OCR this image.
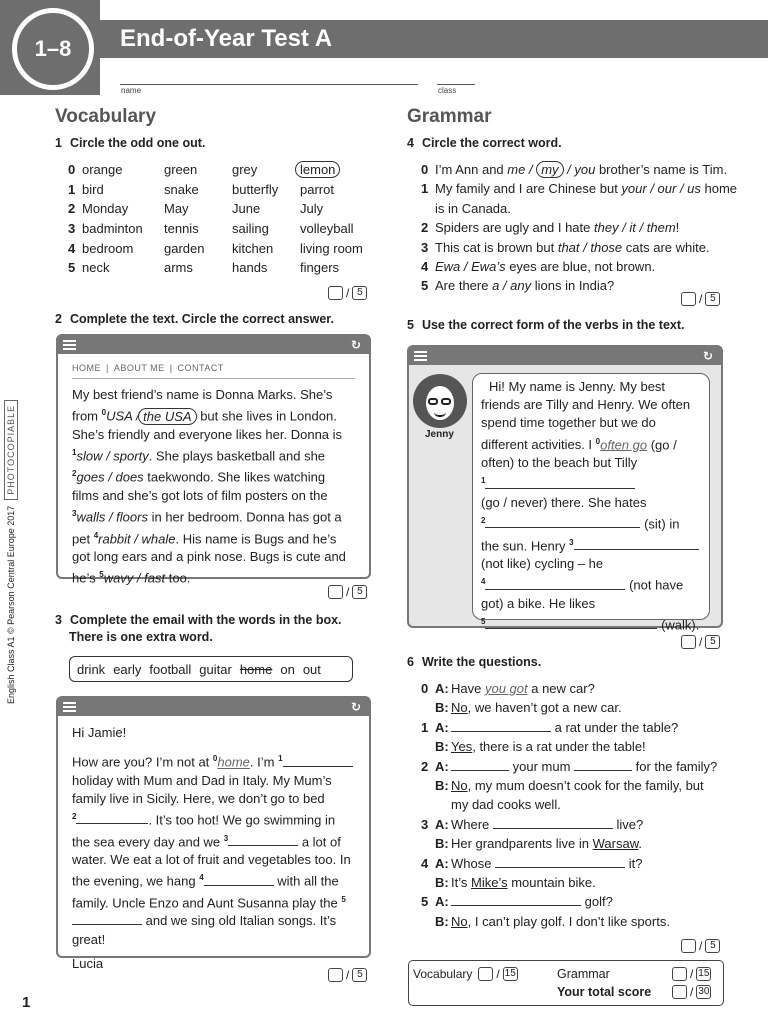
1–8	End-of-Year Test A
name	class
English Class A1 © Pearson Central Europe 2017
PHOTOCOPIABLE
1
Vocabulary
1 Circle the odd one out.
0 orange	green	grey	lemon
1 bird	snake	butterfly	parrot
2 Monday	May	June	July
3 badminton	tennis	sailing	volleyball
4 bedroom	garden	kitchen	living room
5 neck	arms	hands	fingers
/ 5
2 Complete the text. Circle the correct answer.
↻
HOME | ABOUT ME | CONTACT
My best friend’s name is Donna Marks. She’s from $^0$USA / the USA but she lives in London. She’s friendly and everyone likes her. Donna is $^1$slow / sporty. She plays basketball and she $^2$goes / does taekwondo. She likes watching films and she’s got lots of film posters on the $^3$walls / floors in her bedroom. Donna has got a pet $^4$rabbit / whale. His name is Bugs and he’s got long ears and a pink nose. Bugs is cute and he’s $^5$wavy / fast too.
/ 5
3 Complete the email with the words in the box.
There is one extra word.
drink early football guitar home on out
↻
Hi Jamie!
How are you? I’m not at $^0$home. I’m $^1$ holiday with Mum and Dad in Italy. My Mum’s family live in Sicily. Here, we don’t go to bed
$^2$	. It’s too hot! We go swimming in the sea every day and we $^3$	a lot of water. We eat a lot of fruit and vegetables too. In the evening, we hang $^4$	with all the family. Uncle Enzo and Aunt Susanna play the $^5$ and we sing old Italian songs. It’s great!
Lucia
/ 5
Grammar
4 Circle the correct word.
0 I’m Ann and me / my / you brother’s name is Tim.
1 My family and I are Chinese but your / our / us home is in Canada.
2 Spiders are ugly and I hate they / it / them!
3 This cat is brown but that / those cats are white.
4 Ewa / Ewa’s eyes are blue, not brown.
5 Are there a / any lions in India?
/ 5
5 Use the correct form of the verbs in the text.
↻
Jenny
Hi! My name is Jenny. My best friends are Tilly and Henry. We often spend time together but we do different activities. I $^0$often go (go / often) to the beach but Tilly
$^1$
(go / never) there. She hates
$^2$	(sit) in the sun. Henry $^3$
(not like) cycling – he
$^4$	(not have got) a bike. He likes
$^5$	(walk).
/ 5
6 Write the questions.
0 A: Have you got a new car?
B: No, we haven’t got a new car.
1 A:	a rat under the table?
B: Yes, there is a rat under the table!
2 A:	your mum	for the family?
B: No, my mum doesn’t cook for the family, but
my dad cooks well.
3 A: Where	live?
B: Her grandparents live in Warsaw.
4 A: Whose	it?
B: It’s Mike’s mountain bike.
5 A:	golf?
B: No, I can’t play golf. I don’t like sports.
/ 5
Vocabulary / 15	Grammar	/ 15
Your total score	/ 30
